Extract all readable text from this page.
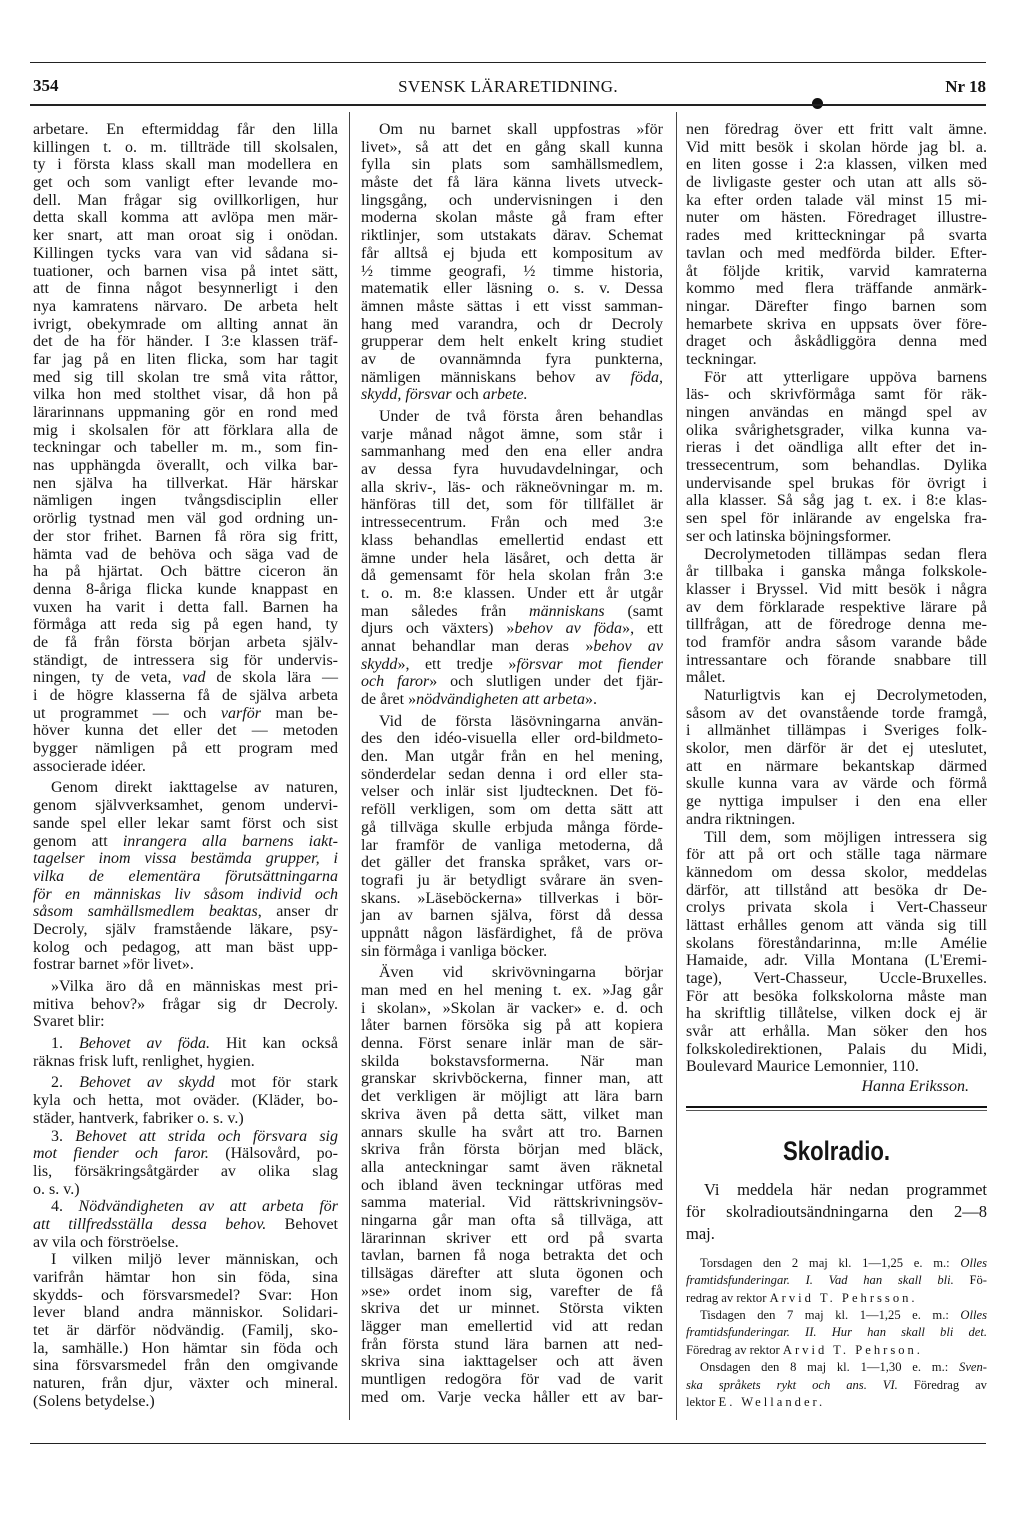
354	SVENSK LÄRARETIDNING.	Nr 18
arbetare. En eftermiddag får den lilla
killingen t. o. m. tillträde till skolsalen,
ty i första klass skall man modellera en
get och som vanligt efter levande mo-
dell. Man frågar sig ovillkorligen, hur
detta skall komma att avlöpa men mär-
ker snart, att man oroat sig i onödan.
Killingen tycks vara van vid sådana si-
tuationer, och barnen visa på intet sätt,
att de finna något besynnerligt i den
nya kamratens närvaro. De arbeta helt
ivrigt, obekymrade om allting annat än
det de ha för händer. I 3:e klassen träf-
far jag på en liten flicka, som har tagit
med sig till skolan tre små vita råttor,
vilka hon med stolthet visar, då hon på
lärarinnans uppmaning gör en rond med
mig i skolsalen för att förklara alla de
teckningar och tabeller m. m., som fin-
nas upphängda överallt, och vilka bar-
nen själva ha tillverkat. Här härskar
nämligen ingen tvångsdisciplin eller
orörlig tystnad men väl god ordning un-
der stor frihet. Barnen få röra sig fritt,
hämta vad de behöva och säga vad de
ha på hjärtat. Och bättre ciceron än
denna 8-åriga flicka kunde knappast en
vuxen ha varit i detta fall. Barnen ha
förmåga att reda sig på egen hand, ty
de få från första början arbeta själv-
ständigt, de intressera sig för undervis-
ningen, ty de veta, vad de skola lära —
i de högre klasserna få de själva arbeta
ut programmet — och varför man be-
höver kunna det eller det — metoden
bygger nämligen på ett program med
associerade idéer.
Genom direkt iakttagelse av naturen,
genom självverksamhet, genom undervi-
sande spel eller lekar samt först och sist
genom att inrangera alla barnens iakt-
tagelser inom vissa bestämda grupper, i
vilka de elementära förutsättningarna
för en människas liv såsom individ och
såsom samhällsmedlem beaktas, anser dr
Decroly, själv framstående läkare, psy-
kolog och pedagog, att man bäst upp-
fostrar barnet »för livet».
»Vilka äro då en människas mest pri-
mitiva behov?» frågar sig dr Decroly.
Svaret blir:
1. Behovet av föda. Hit kan också
räknas frisk luft, renlighet, hygien.
2. Behovet av skydd mot för stark
kyla och hetta, mot oväder. (Kläder, bo-
städer, hantverk, fabriker o. s. v.)
3. Behovet att strida och försvara sig
mot fiender och faror. (Hälsovård, po-
lis, försäkringsåtgärder av olika slag
o. s. v.)
4. Nödvändigheten av att arbeta för
att tillfredsställa dessa behov. Behovet
av vila och förströelse.
I vilken miljö lever människan, och
varifrån hämtar hon sin föda, sina
skydds- och försvarsmedel? Svar: Hon
lever bland andra människor. Solidari-
tet är därför nödvändig. (Familj, sko-
la, samhälle.) Hon hämtar sin föda och
sina försvarsmedel från den omgivande
naturen, från djur, växter och mineral.
(Solens betydelse.)
Om nu barnet skall uppfostras »för
livet», så att det en gång skall kunna
fylla sin plats som samhällsmedlem,
måste det få lära känna livets utveck-
lingsgång, och undervisningen i den
moderna skolan måste gå fram efter
riktlinjer, som utstakats därav. Schemat
får alltså ej bjuda ett kompositum av
½ timme geografi, ½ timme historia,
matematik eller läsning o. s. v. Dessa
ämnen måste sättas i ett visst samman-
hang med varandra, och dr Decroly
grupperar dem helt enkelt kring studiet
av de ovannämnda fyra punkterna,
nämligen människans behov av föda,
skydd, försvar och arbete.
Under de två första åren behandlas
varje månad något ämne, som står i
sammanhang med den ena eller andra
av dessa fyra huvudavdelningar, och
alla skriv-, läs- och räkneövningar m. m.
hänföras till det, som för tillfället är
intressecentrum. Från och med 3:e
klass behandlas emellertid endast ett
ämne under hela läsåret, och detta är
då gemensamt för hela skolan från 3:e
t. o. m. 8:e klassen. Under ett år utgår
man således från människans (samt
djurs och växters) »behov av föda», ett
annat behandlar man deras »behov av
skydd», ett tredje »försvar mot fiender
och faror» och slutligen under det fjär-
de året »nödvändigheten att arbeta».
Vid de första läsövningarna använ-
des den idéo-visuella eller ord-bildmeto-
den. Man utgår från en hel mening,
sönderdelar sedan denna i ord eller sta-
velser och inlär sist ljudtecknen. Det fö-
reföll verkligen, som om detta sätt att
gå tillväga skulle erbjuda många förde-
lar framför de vanliga metoderna, då
det gäller det franska språket, vars or-
tografi ju är betydligt svårare än sven-
skans. »Läseböckerna» tillverkas i bör-
jan av barnen själva, först då dessa
uppnått någon läsfärdighet, få de pröva
sin förmåga i vanliga böcker.
Även vid skrivövningarna börjar
man med en hel mening t. ex. »Jag går
i skolan», »Skolan är vacker» e. d. och
låter barnen försöka sig på att kopiera
denna. Först senare inlär man de sär-
skilda bokstavsformerna. När man
granskar skrivböckerna, finner man, att
det verkligen är möjligt att lära barn
skriva även på detta sätt, vilket man
annars skulle ha svårt att tro. Barnen
skriva från första början med bläck,
alla anteckningar samt även räknetal
och ibland även teckningar utföras med
samma material. Vid rättskrivningsöv-
ningarna går man ofta så tillväga, att
lärarinnan skriver ett ord på svarta
tavlan, barnen få noga betrakta det och
tillsägas därefter att sluta ögonen och
»se» ordet inom sig, varefter de få
skriva det ur minnet. Största vikten
lägger man emellertid vid att redan
från första stund lära barnen att ned-
skriva sina iakttagelser och att även
muntligen redogöra för vad de varit
med om. Varje vecka håller ett av bar-
nen föredrag över ett fritt valt ämne.
Vid mitt besök i skolan hörde jag bl. a.
en liten gosse i 2:a klassen, vilken med
de livligaste gester och utan att alls sö-
ka efter orden talade väl minst 15 mi-
nuter om hästen. Föredraget illustre-
rades med kritteckningar på svarta
tavlan och med medförda bilder. Efter-
åt följde kritik, varvid kamraterna
kommo med flera träffande anmärk-
ningar. Därefter fingo barnen som
hemarbete skriva en uppsats över före-
draget och åskådliggöra denna med
teckningar.
För att ytterligare uppöva barnens
läs- och skrivförmåga samt för räk-
ningen användas en mängd spel av
olika svårighetsgrader, vilka kunna va-
rieras i det oändliga allt efter det in-
tressecentrum, som behandlas. Dylika
undervisande spel brukas för övrigt i
alla klasser. Så såg jag t. ex. i 8:e klas-
sen spel för inlärande av engelska fra-
ser och latinska böjningsformer.
Decrolymetoden tillämpas sedan flera
år tillbaka i ganska många folkskole-
klasser i Bryssel. Vid mitt besök i några
av dem förklarade respektive lärare på
tillfrågan, att de föredroge denna me-
tod framför andra såsom varande både
intressantare och förande snabbare till
målet.
Naturligtvis kan ej Decrolymetoden,
såsom av det ovanstående torde framgå,
i allmänhet tillämpas i Sveriges folk-
skolor, men därför är det ej uteslutet,
att en närmare bekantskap därmed
skulle kunna vara av värde och förmå
ge nyttiga impulser i den ena eller
andra riktningen.
Till dem, som möjligen intressera sig
för att på ort och ställe taga närmare
kännedom om dessa skolor, meddelas
därför, att tillstånd att besöka dr De-
crolys privata skola i Vert-Chasseur
lättast erhålles genom att vända sig till
skolans föreståndarinna, m:lle Amélie
Hamaide, adr. Villa Montana (L'Eremi-
tage), Vert-Chasseur, Uccle-Bruxelles.
För att besöka folkskolorna måste man
ha skriftlig tillåtelse, vilken dock ej är
svår att erhålla. Man söker den hos
folkskoledirektionen, Palais du Midi,
Boulevard Maurice Lemonnier, 110.
Hanna Eriksson.
Skolradio.
Vi meddela här nedan programmet
för skolradioutsändningarna den 2—8
maj.
Torsdagen den 2 maj kl. 1—1,25 e. m.: Olles
framtidsfunderingar. I. Vad han skall bli. Fö-
redrag av rektor Arvid T. Pehrsson.
Tisdagen den 7 maj kl. 1—1,25 e. m.: Olles
framtidsfunderingar. II. Hur han skall bli det.
Föredrag av rektor Arvid T. Pehrson.
Onsdagen den 8 maj kl. 1—1,30 e. m.: Sven-
ska språkets rykt och ans. VI. Föredrag av
lektor E. Wellander.
